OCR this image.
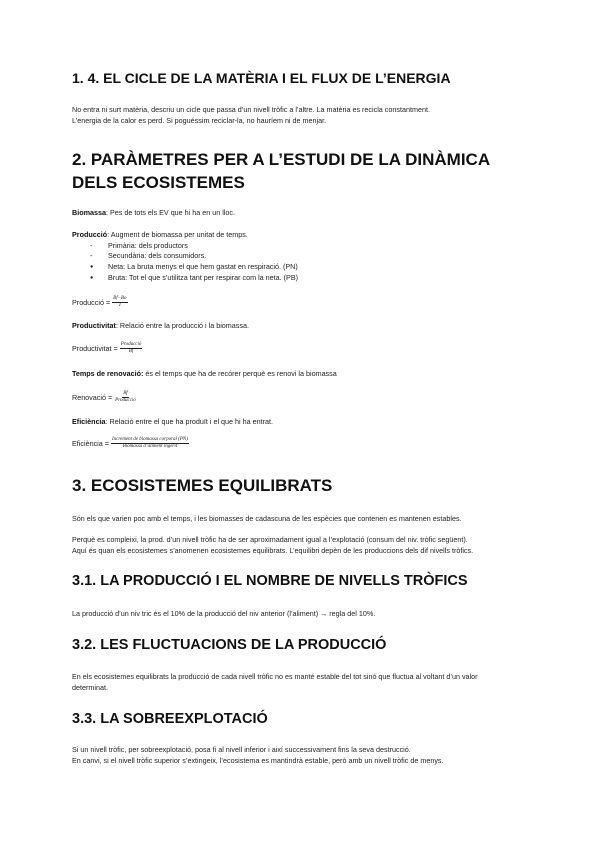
1. 4. EL CICLE DE LA MATÈRIA I EL FLUX DE L’ENERGIA
No entra ni surt matèria, descriu un cicle que passa d’un nivell tròfic a l’altre. La matèria es recicla constantment.
L’energia de la calor es perd. Si poguéssim reciclar-la, no hauríem ni de menjar.
2. PARÀMETRES PER A L’ESTUDI DE LA DINÀMICA
DELS ECOSISTEMES
Biomassa: Pes de tots els EV que hi ha en un lloc.
Producció: Augment de biomassa per unitat de temps.
- Primària: dels productors
- Secundària: dels consumidors.
● Neta: La bruta menys el que hem gastat en respiració. (PN)
● Bruta: Tot el que s’utilitza tant per respirar com la neta. (PB)
Producció = $\frac{Bf-Bo}{T}$
Productivitat: Relació entre la producció i la biomassa.
Productivitat = $\frac{\text{Producció}}{Bf}$
Temps de renovació: és el temps que ha de recórer perquè es renovi la biomassa
Renovació = $\frac{Bf}{\text{Producció}}$
Eficiència: Relació entre el que ha produït i el que hi ha entrat.
Eficiència = $\frac{\text{Increment de biomassa corporal (PN)}}{\text{Biomassa d’aliment ingerit}}$
3. ECOSISTEMES EQUILIBRATS
Són els que varien poc amb el temps, i les biomasses de cadascuna de les espècies que contenen es mantenen estables.
Perquè es compleixi, la prod. d’un nivell tròfic ha de ser aproximadament igual a l’explotació (consum del niv. tròfic següent).
Aquí és quan els ecosistemes s’anomenen ecosistemes equilibrats. L’equilibri depèn de les produccions dels dif nivells tròfics.
3.1. LA PRODUCCIÓ I EL NOMBRE DE NIVELLS TRÒFICS
La producció d’un niv tric és el 10% de la producció del niv anterior (l’aliment) → regla del 10%.
3.2. LES FLUCTUACIONS DE LA PRODUCCIÓ
En els ecosistemes equilibrats la producció de cada nivell tròfic no es manté estable del tot sinó que fluctua al voltant d’un valor
determinat.
3.3. LA SOBREEXPLOTACIÓ
Si un nivell tròfic, per sobreexplotació, posa fi al nivell inferior i així successivament fins la seva destrucció.
En canvi, si el nivell tròfic superior s’extingeix, l’ecosistema es mantindrà estable, però amb un nivell tròfic de menys.
